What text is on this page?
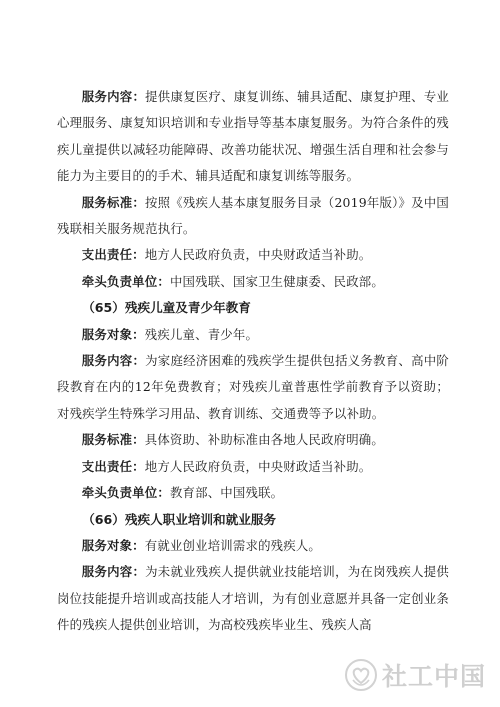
服务内容：提供康复医疗、康复训练、辅具适配、康复护理、专业心理服务、康复知识培训和专业指导等基本康复服务。为符合条件的残疾儿童提供以减轻功能障碍、改善功能状况、增强生活自理和社会参与能力为主要目的的手术、辅具适配和康复训练等服务。

服务标准：按照《残疾人基本康复服务目录（2019年版）》及中国残联相关服务规范执行。

支出责任：地方人民政府负责，中央财政适当补助。

牵头负责单位：中国残联、国家卫生健康委、民政部。

（65）残疾儿童及青少年教育

服务对象：残疾儿童、青少年。

服务内容：为家庭经济困难的残疾学生提供包括义务教育、高中阶段教育在内的12年免费教育；对残疾儿童普惠性学前教育予以资助；对残疾学生特殊学习用品、教育训练、交通费等予以补助。

服务标准：具体资助、补助标准由各地人民政府明确。

支出责任：地方人民政府负责，中央财政适当补助。

牵头负责单位：教育部、中国残联。

（66）残疾人职业培训和就业服务

服务对象：有就业创业培训需求的残疾人。

服务内容：为未就业残疾人提供就业技能培训，为在岗残疾人提供岗位技能提升培训或高技能人才培训，为有创业意愿并具备一定创业条件的残疾人提供创业培训，为高校残疾毕业生、残疾人高

社工中国
